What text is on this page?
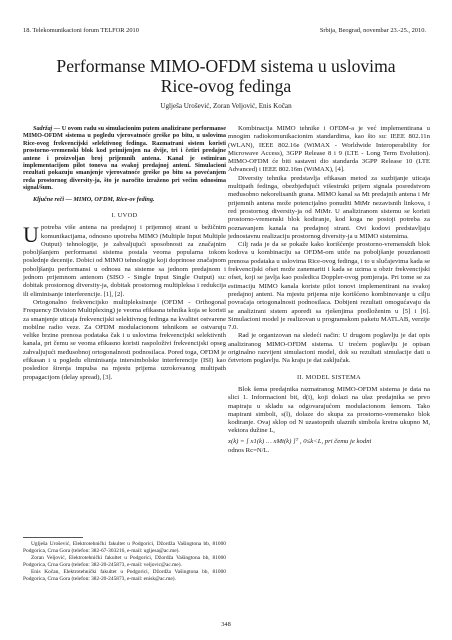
18. Telekomunikacioni forum TELFOR 2010	Srbija, Beograd, novembar 23.-25., 2010.
Performanse MIMO-OFDM sistema u uslovima
Rice-ovog fedinga
Uglješa Urošević, Zoran Veljović, Enis Kočan

Sadržaj — U ovom radu su simulacionim putem analizirane performanse MIMO-OFDM sistema u pogledu vjerovatnoće greške po bitu, u uslovima Rice-ovog frekvencijski selektivnog fedinga. Razmatrani sistem koristi prostorno-vremenski blok kod primijenjen na dvije, tri i četiri predajne antene i proizvoljan broj prijemnih antena. Kanal je estimiran implementacijom pilot tonova na svakoj predajnoj anteni. Simulacioni rezultati pokazuju smanjenje vjerovatnoće greške po bitu sa povećanjem reda prostornog diversity-ja, što je naročito izraženo pri većim odnosima signal/šum.

Ključne reči — MIMO, OFDM, Rice-ov feding.

I. UVOD

Upotreba više antena na predajnoj i prijemnoj strani u bežičnim komunikacijama, odnosno upotreba MIMO (Multiple Input Multiple Output) tehnologije, je zahvaljujući sposobnosti za značajnim poboljšanjem performansi sistema postala veoma popularna tokom poslednje decenije. Dobici od MIMO tehnologije koji doprinose značajnom poboljšanju performansi u odnosu na sisteme sa jednom predajnom i jednom prijemnom antenom (SISO - Single Input Single Output) su: dobitak prostornog diversity-ja, dobitak prostornog multipleksa i redukcija ili eliminisanje interferencije. [1], [2].

Ortogonalno frekvencijsko multipleksiranje (OFDM - Orthogonal Frequency Division Multiplexing) je veoma efikasna tehnika koja se koristi za smanjenje uticaja frekvencijski selektivnog fedinga na kvalitet ostvarene mobilne radio veze. Za OFDM modulacionom tehnikom se ostvaruju velike brzine prenosa podataka čak i u uslovima frekvencijski selektivnih kanala, pri čemu se veoma efikasno koristi raspoloživi frekvencijski opseg zahvaljujući međusobnoj ortogonalnosti podnosilaca. Pored toga, OFDM je efikasan i u pogledu eliminisanja intersimbolske interferencije (ISI) kao posledice širenja impulsa na mjestu prijema uzrokovanog multipath propagacijom (delay spread), [3].

Uglješa Urošević, Elektrotehnički fakultet u Podgorici, Džordža Vašingtona bb, 81000 Podgorica, Crna Gora (telefon: 382-67-303216, e-mail: ugljesa@ac.me).

Zoran Veljović, Elektrotehnički fakultet u Podgorici, Džordža Vašingtona bb, 81000 Podgorica, Crna Gora (telefon: 382-20-245873, e-mail: veljovic@ac.me).

Enis Kočan, Elektrotehnički fakultet u Podgorici, Džordža Vašingtona bb, 81000 Podgorica, Crna Gora (telefon: 382-20-245873, e-mail: enisk@ac.me).

Kombinacija MIMO tehnike i OFDM-a je već implementirana u mnogim radiokomunikacionim standardima, kao što su: IEEE 802.11n (WLAN), IEEE 802.16e (WiMAX - Worldwide Interoperability for Microwave Access), 3GPP Release 8 i 9 (LTE - Long Term Evolution). MIMO-OFDM će biti sastavni dio standarda 3GPP Release 10 (LTE Advanced) i IEEE 802.16m (WiMAX), [4].

Diversity tehnika predstavlja efikasan metod za suzbijanje uticaja multipath fedinga, obezbjeđujući višestruki prijem signala posredstvom međusobno nekorelisanih grana. MIMO kanal sa Mt predajnih antena i Mr prijemnih antena može potencijalno ponuditi MtMr nezavisnih linkova, i red prostornog diversity-ja od MtMr. U analiziranom sistemu se koristi prostorno-vremenski blok kodiranje, kod koga ne postoji potreba za poznavanjem kanala na predajnoj strani. Ovi kodovi predstavljaju jednostavnu realizaciju prostornog diversity-ja u MIMO sistemima.

Cilj rada je da se pokaže kako korišćenje prostorno-vremenskih blok kodova u kombinaciju sa OFDM-om utiče na poboljšanje pouzdanosti prenosa podataka u uslovima Rice-ovog fedinga, i to u slučajevima kada se frekvencijski ofset može zanemariti i kada se uzima u obzir frekvencijski ofset, koji se javlja kao posledica Doppler-ovog pomjeraja. Pri tome se za estimaciju MIMO kanala koriste pilot tonovi implementirani na svakoj predajnoj anteni. Na mjestu prijema nije korišćeno kombinovanje u cilju povraćaja ortogonalnosti podnosilaca. Dobijeni rezultati omogućavaju da se analizirani sistem apoređi sa rješenjima predloženim u [5] i [6]. Simulacioni model je realizovan u programskom paketu MATLAB, verzije 7.0.

Rad je organizovan na sledeći način: U drugom poglavlju je dat opis analiziranog MIMO-OFDM sistema. U trećem poglavlju je opisan originalno razvijeni simulacioni model, dok su rezultati simulacije dati u četvrtom poglavlju. Na kraju je dat zaključak.

II. MODEL SISTEMA

Blok šema predajnika razmatranog MIMO-OFDM sistema je data na slici 1. Informacioni bit, d(i), koji dolazi na ulaz predajnika se prvo mapiraju u skladu sa odgovarajućom modulacionom šemom. Tako mapirani simboli, s(l), dolaze do skupa za prostorno-vremensko blok kodiranje. Ovaj sklop od N uzastopnih ulaznih simbola kreira ukupno M, vektora dužine L,

x(k) = [ x1(k) … xMt(k) ]ᵀ , 0≤k<L, pri čemu je kodni

odnos Rc=N/L.

348
